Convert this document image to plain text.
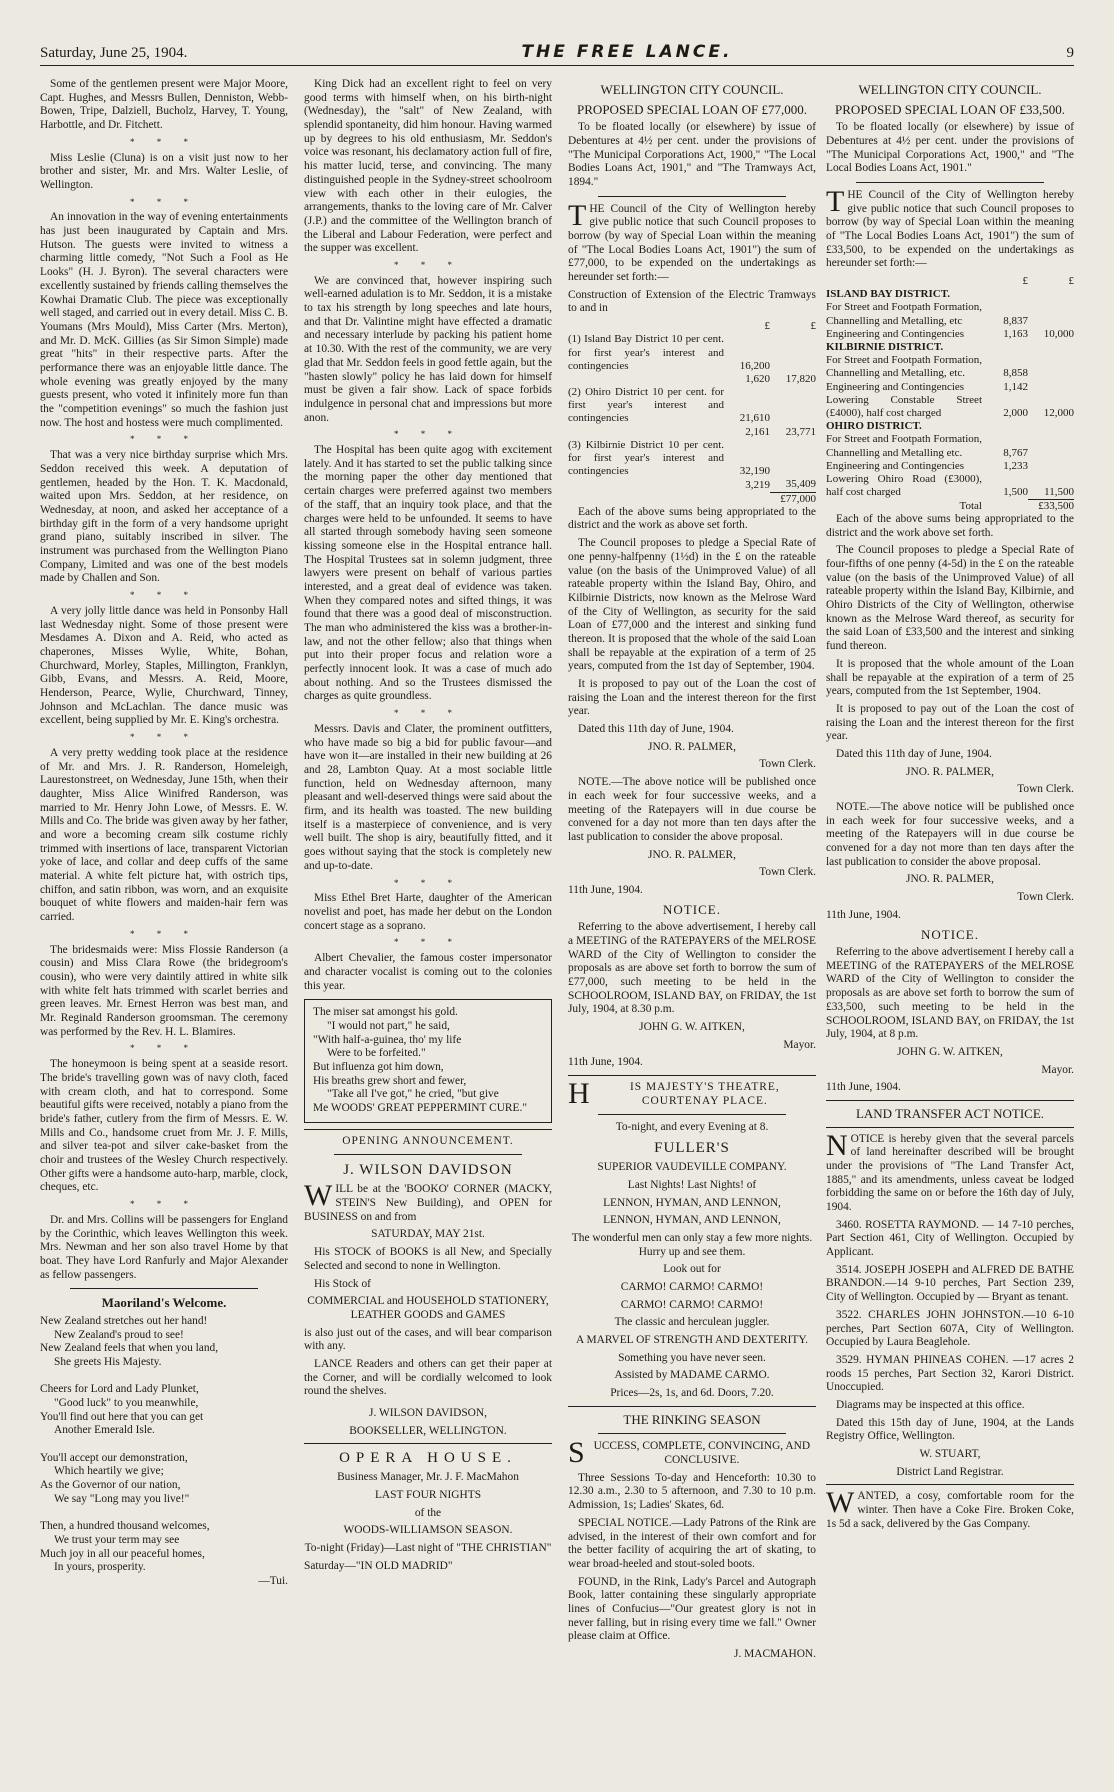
Saturday, June 25, 1904.	THE FREE LANCE.	9

Some of the gentlemen present were Major Moore, Capt. Hughes, and Messrs Bullen, Denniston, Webb-Bowen, Tripe, Dalziell, Bucholz, Harvey, T. Young, Harbottle, and Dr. Fitchett.

* * *

Miss Leslie (Cluna) is on a visit just now to her brother and sister, Mr. and Mrs. Walter Leslie, of Wellington.

* * *

An innovation in the way of evening entertainments has just been inaugurated by Captain and Mrs. Hutson. The guests were invited to witness a charming little comedy, "Not Such a Fool as He Looks" (H. J. Byron). The several characters were excellently sustained by friends calling themselves the Kowhai Dramatic Club. The piece was exceptionally well staged, and carried out in every detail. Miss C. B. Youmans (Mrs Mould), Miss Carter (Mrs. Merton), and Mr. D. McK. Gillies (as Sir Simon Simple) made great "hits" in their respective parts. After the performance there was an enjoyable little dance. The whole evening was greatly enjoyed by the many guests present, who voted it infinitely more fun than the "competition evenings" so much the fashion just now. The host and hostess were much complimented.

* * *

That was a very nice birthday surprise which Mrs. Seddon received this week. A deputation of gentlemen, headed by the Hon. T. K. Macdonald, waited upon Mrs. Seddon, at her residence, on Wednesday, at noon, and asked her acceptance of a birthday gift in the form of a very handsome upright grand piano, suitably inscribed in silver. The instrument was purchased from the Wellington Piano Company, Limited and was one of the best models made by Challen and Son.

* * *

A very jolly little dance was held in Ponsonby Hall last Wednesday night. Some of those present were Mesdames A. Dixon and A. Reid, who acted as chaperones, Misses Wylie, White, Bohan, Churchward, Morley, Staples, Millington, Franklyn, Gibb, Evans, and Messrs. A. Reid, Moore, Henderson, Pearce, Wylie, Churchward, Tinney, Johnson and McLachlan. The dance music was excellent, being supplied by Mr. E. King's orchestra.

* * *

A very pretty wedding took place at the residence of Mr. and Mrs. J. R. Randerson, Homeleigh, Laurestonstreet, on Wednesday, June 15th, when their daughter, Miss Alice Winifred Randerson, was married to Mr. Henry John Lowe, of Messrs. E. W. Mills and Co. The bride was given away by her father, and wore a becoming cream silk costume richly trimmed with insertions of lace, transparent Victorian yoke of lace, and collar and deep cuffs of the same material. A white felt picture hat, with ostrich tips, chiffon, and satin ribbon, was worn, and an exquisite bouquet of white flowers and maiden-hair fern was carried.

* * *

The bridesmaids were: Miss Flossie Randerson (a cousin) and Miss Clara Rowe (the bridegroom's cousin), who were very daintily attired in white silk with white felt hats trimmed with scarlet berries and green leaves. Mr. Ernest Herron was best man, and Mr. Reginald Randerson groomsman. The ceremony was performed by the Rev. H. L. Blamires.

* * *

The honeymoon is being spent at a seaside resort. The bride's travelling gown was of navy cloth, faced with cream cloth, and hat to correspond. Some beautiful gifts were received, notably a piano from the bride's father, cutlery from the firm of Messrs. E. W. Mills and Co., handsome cruet from Mr. J. F. Mills, and silver tea-pot and silver cake-basket from the choir and trustees of the Wesley Church respectively. Other gifts were a handsome auto-harp, marble, clock, cheques, etc.

* * *

Dr. and Mrs. Collins will be passengers for England by the Corinthic, which leaves Wellington this week. Mrs. Newman and her son also travel Home by that boat. They have Lord Ranfurly and Major Alexander as fellow passengers.

Maoriland's Welcome.

New Zealand stretches out her hand!

New Zealand's proud to see!

New Zealand feels that when you land,

She greets His Majesty.

Cheers for Lord and Lady Plunket,

"Good luck" to you meanwhile,

You'll find out here that you can get

Another Emerald Isle.

You'll accept our demonstration,

Which heartily we give;

As the Governor of our nation,

We say "Long may you live!"

Then, a hundred thousand welcomes,

We trust your term may see

Much joy in all our peaceful homes,

In yours, prosperity.

—Tui.

King Dick had an excellent right to feel on very good terms with himself when, on his birth-night (Wednesday), the "salt" of New Zealand, with splendid spontaneity, did him honour. Having warmed up by degrees to his old enthusiasm, Mr. Seddon's voice was resonant, his declamatory action full of fire, his matter lucid, terse, and convincing. The many distinguished people in the Sydney-street schoolroom view with each other in their eulogies, the arrangements, thanks to the loving care of Mr. Calver (J.P.) and the committee of the Wellington branch of the Liberal and Labour Federation, were perfect and the supper was excellent.

* * *

We are convinced that, however inspiring such well-earned adulation is to Mr. Seddon, it is a mistake to tax his strength by long speeches and late hours, and that Dr. Valintine might have effected a dramatic and necessary interlude by packing his patient home at 10.30. With the rest of the community, we are very glad that Mr. Seddon feels in good fettle again, but the "hasten slowly" policy he has laid down for himself must be given a fair show. Lack of space forbids indulgence in personal chat and impressions but more anon.

* * *

The Hospital has been quite agog with excitement lately. And it has started to set the public talking since the morning paper the other day mentioned that certain charges were preferred against two members of the staff, that an inquiry took place, and that the charges were held to be unfounded. It seems to have all started through somebody having seen someone kissing someone else in the Hospital entrance hall. The Hospital Trustees sat in solemn judgment, three lawyers were present on behalf of various parties interested, and a great deal of evidence was taken. When they compared notes and sifted things, it was found that there was a good deal of misconstruction. The man who administered the kiss was a brother-in-law, and not the other fellow; also that things when put into their proper focus and relation wore a perfectly innocent look. It was a case of much ado about nothing. And so the Trustees dismissed the charges as quite groundless.

* * *

Messrs. Davis and Clater, the prominent outfitters, who have made so big a bid for public favour—and have won it—are installed in their new building at 26 and 28, Lambton Quay. At a most sociable little function, held on Wednesday afternoon, many pleasant and well-deserved things were said about the firm, and its health was toasted. The new building itself is a masterpiece of convenience, and is very well built. The shop is airy, beautifully fitted, and it goes without saying that the stock is completely new and up-to-date.

* * *

Miss Ethel Bret Harte, daughter of the American novelist and poet, has made her debut on the London concert stage as a soprano.

* * *

Albert Chevalier, the famous coster impersonator and character vocalist is coming out to the colonies this year.

The miser sat amongst his gold.

"I would not part," he said,

"With half-a-guinea, tho' my life

Were to be forfeited."

But influenza got him down,

His breaths grew short and fewer,

"Take all I've got," he cried, "but give

Me WOODS' GREAT PEPPERMINT CURE."

OPENING ANNOUNCEMENT.

J. WILSON DAVIDSON

WILL be at the 'BOOKO' CORNER (MACKY, STEIN'S New Building), and OPEN for BUSINESS on and from

SATURDAY, MAY 21st.

His STOCK of BOOKS is all New, and Specially Selected and second to none in Wellington.

His Stock of

COMMERCIAL and HOUSEHOLD STATIONERY, LEATHER GOODS and GAMES

is also just out of the cases, and will bear comparison with any.

LANCE Readers and others can get their paper at the Corner, and will be cordially welcomed to look round the shelves.

J. WILSON DAVIDSON,

BOOKSELLER, WELLINGTON.

OPERA HOUSE.

Business Manager, Mr. J. F. MacMahon

LAST FOUR NIGHTS

of the

WOODS-WILLIAMSON SEASON.

To-night (Friday)—Last night of "THE CHRISTIAN"

Saturday—"IN OLD MADRID"

WELLINGTON CITY COUNCIL.

PROPOSED SPECIAL LOAN OF £77,000.

To be floated locally (or elsewhere) by issue of Debentures at 4½ per cent. under the provisions of "The Municipal Corporations Act, 1900," "The Local Bodies Loans Act, 1901," and "The Tramways Act, 1894."

THE Council of the City of Wellington hereby give public notice that such Council proposes to borrow (by way of Special Loan within the meaning of "The Local Bodies Loans Act, 1901") the sum of £77,000, to be expended on the undertakings as hereunder set forth:—

Construction of Extension of the Electric Tramways to and in

	£	£
(1) Island Bay District 10 per cent. for first year's interest and contingencies	16,200	
	1,620	17,820
(2) Ohiro District 10 per cent. for first year's interest and contingencies	21,610	
	2,161	23,771
(3) Kilbirnie District 10 per cent. for first year's interest and contingencies	32,190	
	3,219	35,409
		£77,000

Each of the above sums being appropriated to the district and the work as above set forth.

The Council proposes to pledge a Special Rate of one penny-halfpenny (1½d) in the £ on the rateable value (on the basis of the Unimproved Value) of all rateable property within the Island Bay, Ohiro, and Kilbirnie Districts, now known as the Melrose Ward of the City of Wellington, as security for the said Loan of £77,000 and the interest and sinking fund thereon. It is proposed that the whole of the said Loan shall be repayable at the expiration of a term of 25 years, computed from the 1st day of September, 1904.

It is proposed to pay out of the Loan the cost of raising the Loan and the interest thereon for the first year.

Dated this 11th day of June, 1904.

JNO. R. PALMER,

Town Clerk.

NOTE.—The above notice will be published once in each week for four successive weeks, and a meeting of the Ratepayers will in due course be convened for a day not more than ten days after the last publication to consider the above proposal.

JNO. R. PALMER,

Town Clerk.

11th June, 1904.

NOTICE.

Referring to the above advertisement, I hereby call a MEETING of the RATEPAYERS of the MELROSE WARD of the City of Wellington to consider the proposals as are above set forth to borrow the sum of £77,000, such meeting to be held in the SCHOOLROOM, ISLAND BAY, on FRIDAY, the 1st July, 1904, at 8.30 p.m.

JOHN G. W. AITKEN,

Mayor.

11th June, 1904.

HIS MAJESTY'S THEATRE, COURTENAY PLACE.

To-night, and every Evening at 8.

FULLER'S

SUPERIOR VAUDEVILLE COMPANY.

Last Nights! Last Nights! of

LENNON, HYMAN, AND LENNON,

LENNON, HYMAN, AND LENNON,

The wonderful men can only stay a few more nights. Hurry up and see them.

Look out for

CARMO! CARMO! CARMO!

CARMO! CARMO! CARMO!

The classic and herculean juggler.

A MARVEL OF STRENGTH AND DEXTERITY.

Something you have never seen.

Assisted by MADAME CARMO.

Prices—2s, 1s, and 6d. Doors, 7.20.

THE RINKING SEASON

SUCCESS, COMPLETE, CONVINCING, AND CONCLUSIVE.

Three Sessions To-day and Henceforth: 10.30 to 12.30 a.m., 2.30 to 5 afternoon, and 7.30 to 10 p.m. Admission, 1s; Ladies' Skates, 6d.

SPECIAL NOTICE.—Lady Patrons of the Rink are advised, in the interest of their own comfort and for the better facility of acquiring the art of skating, to wear broad-heeled and stout-soled boots.

FOUND, in the Rink, Lady's Parcel and Autograph Book, latter containing these singularly appropriate lines of Confucius—"Our greatest glory is not in never falling, but in rising every time we fall." Owner please claim at Office.

J. MACMAHON.

WELLINGTON CITY COUNCIL.

PROPOSED SPECIAL LOAN OF £33,500.

To be floated locally (or elsewhere) by issue of Debentures at 4½ per cent. under the provisions of "The Municipal Corporations Act, 1900," and "The Local Bodies Loans Act, 1901."

THE Council of the City of Wellington hereby give public notice that such Council proposes to borrow (by way of Special Loan within the meaning of "The Local Bodies Loans Act, 1901") the sum of £33,500, to be expended on the undertakings as hereunder set forth:—

	£	£
ISLAND BAY DISTRICT.		
For Street and Footpath Formation, Channelling and Metalling, etc	8,837	
Engineering and Contingencies	1,163	10,000
KILBIRNIE DISTRICT.		
For Street and Footpath Formation, Channelling and Metalling, etc.	8,858	
Engineering and Contingencies	1,142	
Lowering Constable Street (£4000), half cost charged	2,000	12,000
OHIRO DISTRICT.		
For Street and Footpath Formation, Channelling and Metalling etc.	8,767	
Engineering and Contingencies	1,233	
Lowering Ohiro Road (£3000), half cost charged	1,500	11,500
Total		£33,500

Each of the above sums being appropriated to the district and the work above set forth.

The Council proposes to pledge a Special Rate of four-fifths of one penny (4-5d) in the £ on the rateable value (on the basis of the Unimproved Value) of all rateable property within the Island Bay, Kilbirnie, and Ohiro Districts of the City of Wellington, otherwise known as the Melrose Ward thereof, as security for the said Loan of £33,500 and the interest and sinking fund thereon.

It is proposed that the whole amount of the Loan shall be repayable at the expiration of a term of 25 years, computed from the 1st September, 1904.

It is proposed to pay out of the Loan the cost of raising the Loan and the interest thereon for the first year.

Dated this 11th day of June, 1904.

JNO. R. PALMER,

Town Clerk.

NOTE.—The above notice will be published once in each week for four successive weeks, and a meeting of the Ratepayers will in due course be convened for a day not more than ten days after the last publication to consider the above proposal.

JNO. R. PALMER,

Town Clerk.

11th June, 1904.

NOTICE.

Referring to the above advertisement I hereby call a MEETING of the RATEPAYERS of the MELROSE WARD of the City of Wellington to consider the proposals as are above set forth to borrow the sum of £33,500, such meeting to be held in the SCHOOLROOM, ISLAND BAY, on FRIDAY, the 1st July, 1904, at 8 p.m.

JOHN G. W. AITKEN,

Mayor.

11th June, 1904.

LAND TRANSFER ACT NOTICE.

NOTICE is hereby given that the several parcels of land hereinafter described will be brought under the provisions of "The Land Transfer Act, 1885," and its amendments, unless caveat be lodged forbidding the same on or before the 16th day of July, 1904.

3460. ROSETTA RAYMOND. — 14 7-10 perches, Part Section 461, City of Wellington. Occupied by Applicant.

3514. JOSEPH JOSEPH and ALFRED DE BATHE BRANDON.—14 9-10 perches, Part Section 239, City of Wellington. Occupied by — Bryant as tenant.

3522. CHARLES JOHN JOHNSTON.—10 6-10 perches, Part Section 607A, City of Wellington. Occupied by Laura Beaglehole.

3529. HYMAN PHINEAS COHEN. —17 acres 2 roods 15 perches, Part Section 32, Karori District. Unoccupied.

Diagrams may be inspected at this office.

Dated this 15th day of June, 1904, at the Lands Registry Office, Wellington.

W. STUART,

District Land Registrar.

WANTED, a cosy, comfortable room for the winter. Then have a Coke Fire. Broken Coke, 1s 5d a sack, delivered by the Gas Company.
